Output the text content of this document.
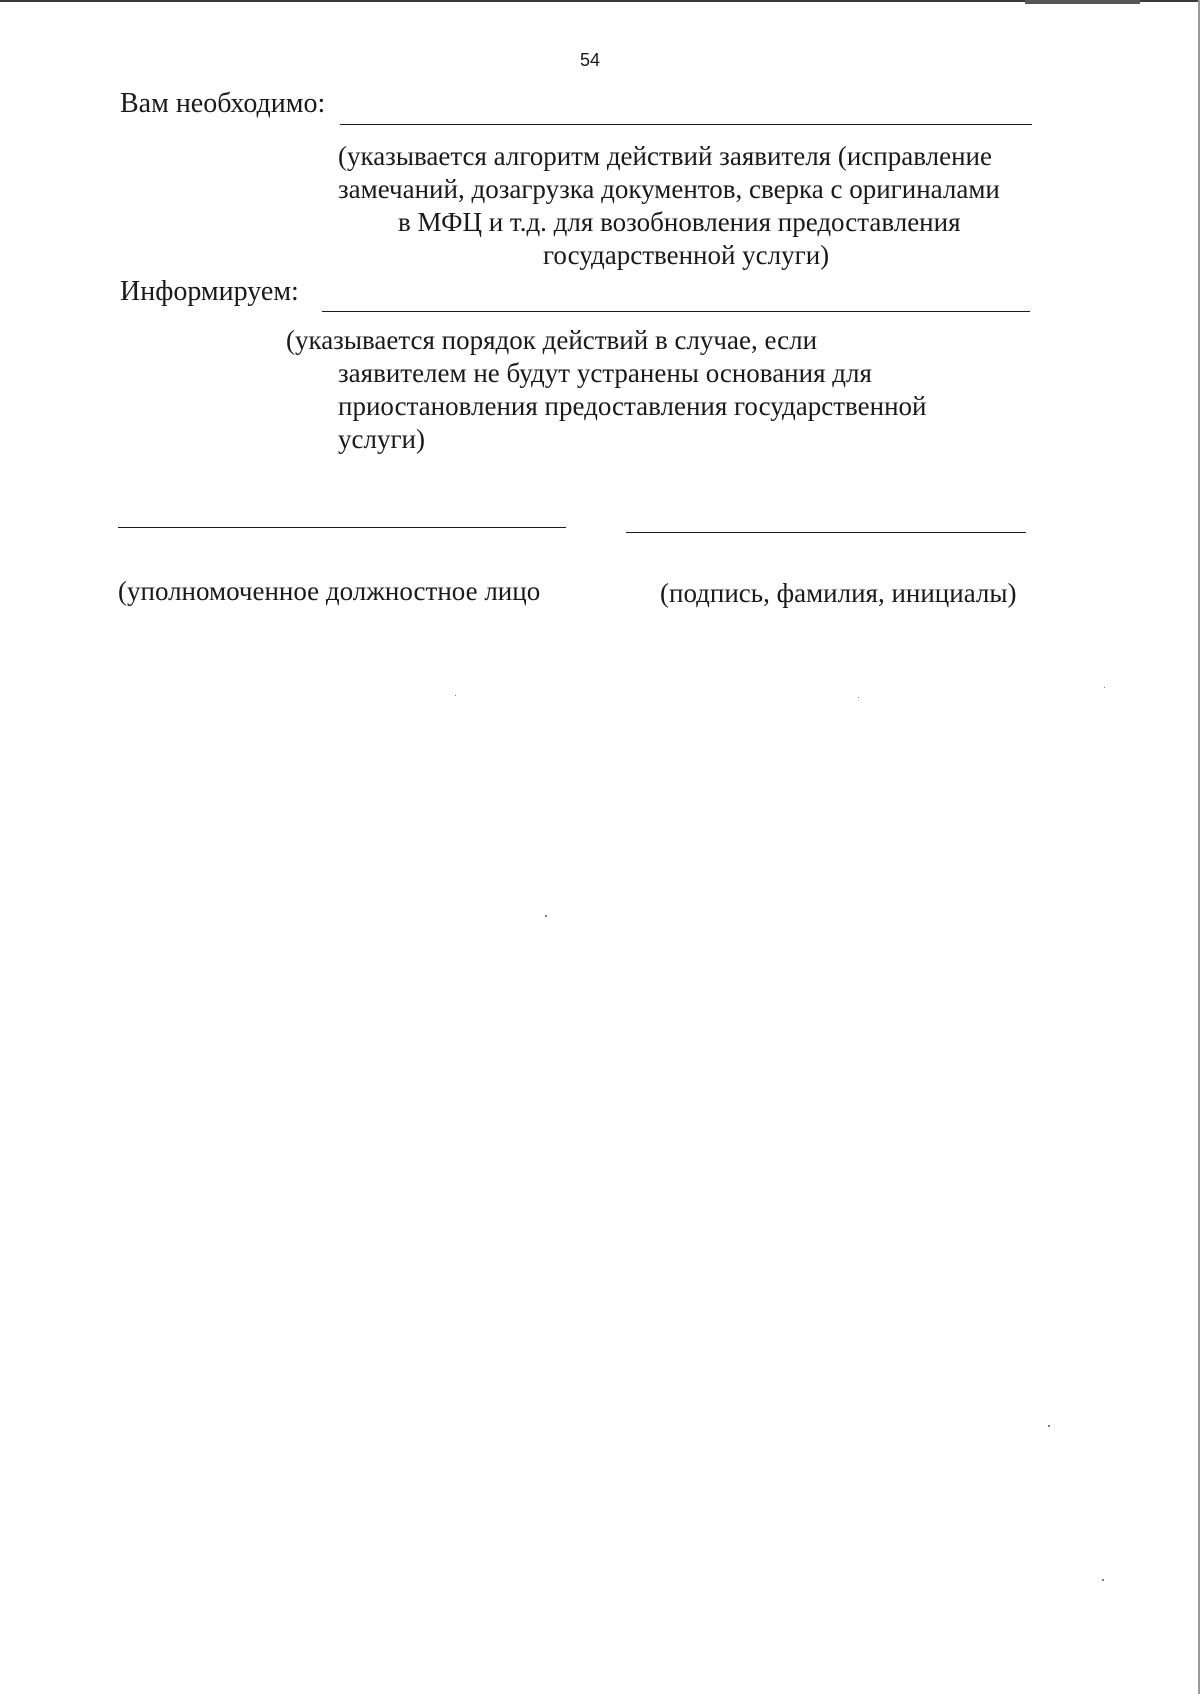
54
Вам необходимо:
(указывается алгоритм действий заявителя (исправление
замечаний, дозагрузка документов, сверка с оригиналами
в МФЦ и т.д. для возобновления предоставления
государственной услуги)
Информируем:
(указывается порядок действий в случае, если
заявителем не будут устранены основания для
приостановления предоставления государственной
услуги)
(уполномоченное должностное лицо	(подпись, фамилия, инициалы)
